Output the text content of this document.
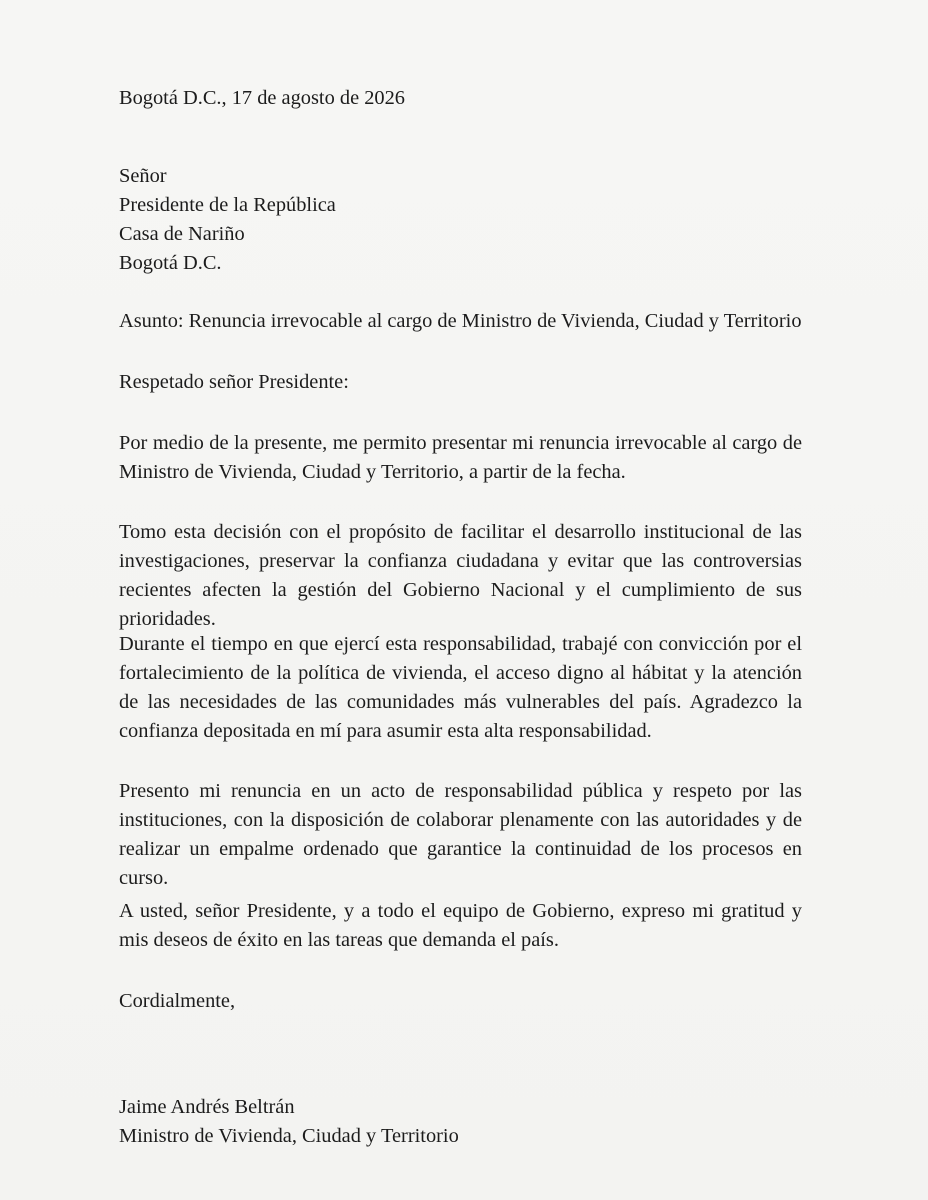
Bogotá D.C., 17 de agosto de 2026
Señor
Presidente de la República
Casa de Nariño
Bogotá D.C.
Asunto: Renuncia irrevocable al cargo de Ministro de Vivienda, Ciudad y Territorio
Respetado señor Presidente:
Por medio de la presente, me permito presentar mi renuncia irrevocable al cargo de Ministro de Vivienda, Ciudad y Territorio, a partir de la fecha.
Tomo esta decisión con el propósito de facilitar el desarrollo institucional de las investigaciones, preservar la confianza ciudadana y evitar que las controversias recientes afecten la gestión del Gobierno Nacional y el cumplimiento de sus prioridades.
Durante el tiempo en que ejercí esta responsabilidad, trabajé con convicción por el fortalecimiento de la política de vivienda, el acceso digno al hábitat y la atención de las necesidades de las comunidades más vulnerables del país. Agradezco la confianza depositada en mí para asumir esta alta responsabilidad.
Presento mi renuncia en un acto de responsabilidad pública y respeto por las instituciones, con la disposición de colaborar plenamente con las autoridades y de realizar un empalme ordenado que garantice la continuidad de los procesos en curso.
A usted, señor Presidente, y a todo el equipo de Gobierno, expreso mi gratitud y mis deseos de éxito en las tareas que demanda el país.
Cordialmente,
Jaime Andrés Beltrán
Ministro de Vivienda, Ciudad y Territorio
